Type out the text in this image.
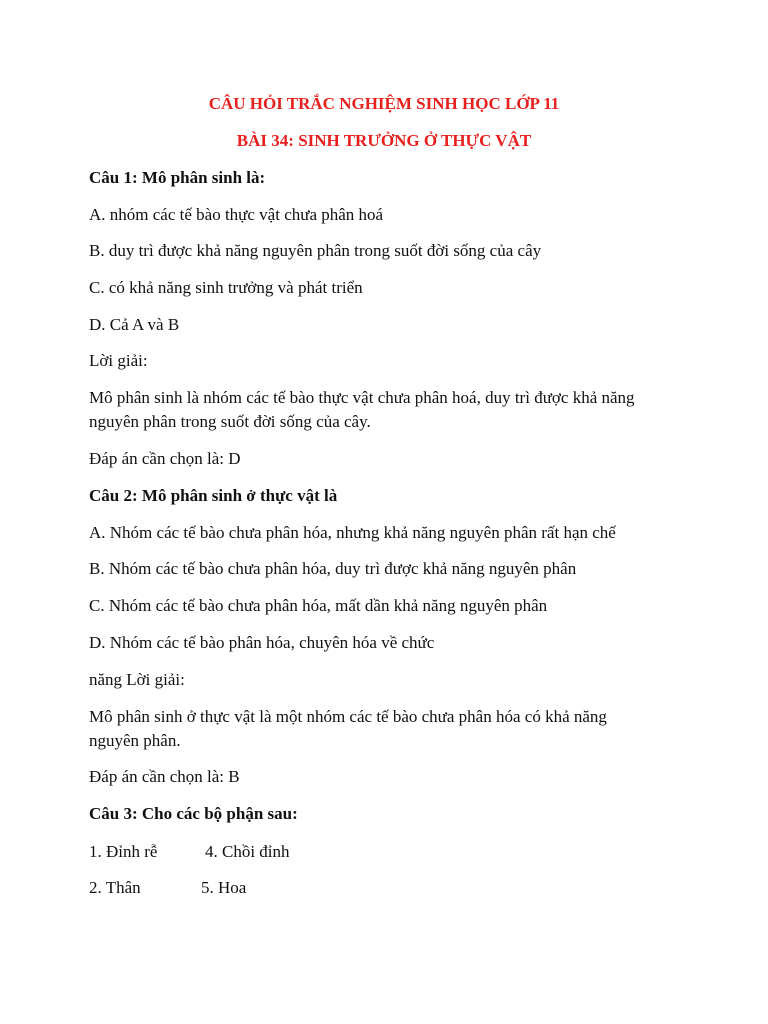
CÂU HỎI TRẮC NGHIỆM SINH HỌC LỚP 11
BÀI 34: SINH TRƯỞNG Ở THỰC VẬT
Câu 1: Mô phân sinh là:
A. nhóm các tế bào thực vật chưa phân hoá
B. duy trì được khả năng nguyên phân trong suốt đời sống của cây
C. có khả năng sinh trưởng và phát triển
D. Cả A và B
Lời giải:
Mô phân sinh là nhóm các tế bào thực vật chưa phân hoá, duy trì được khả năng
nguyên phân trong suốt đời sống của cây.
Đáp án cần chọn là: D
Câu 2: Mô phân sinh ở thực vật là
A. Nhóm các tế bào chưa phân hóa, nhưng khả năng nguyên phân rất hạn chế
B. Nhóm các tế bào chưa phân hóa, duy trì được khả năng nguyên phân
C. Nhóm các tế bào chưa phân hóa, mất dần khả năng nguyên phân
D. Nhóm các tế bào phân hóa, chuyên hóa về chức
năng Lời giải:
Mô phân sinh ở thực vật là một nhóm các tế bào chưa phân hóa có khả năng
nguyên phân.
Đáp án cần chọn là: B
Câu 3: Cho các bộ phận sau:
1. Đỉnh rễ	4. Chồi đỉnh
2. Thân	5. Hoa
